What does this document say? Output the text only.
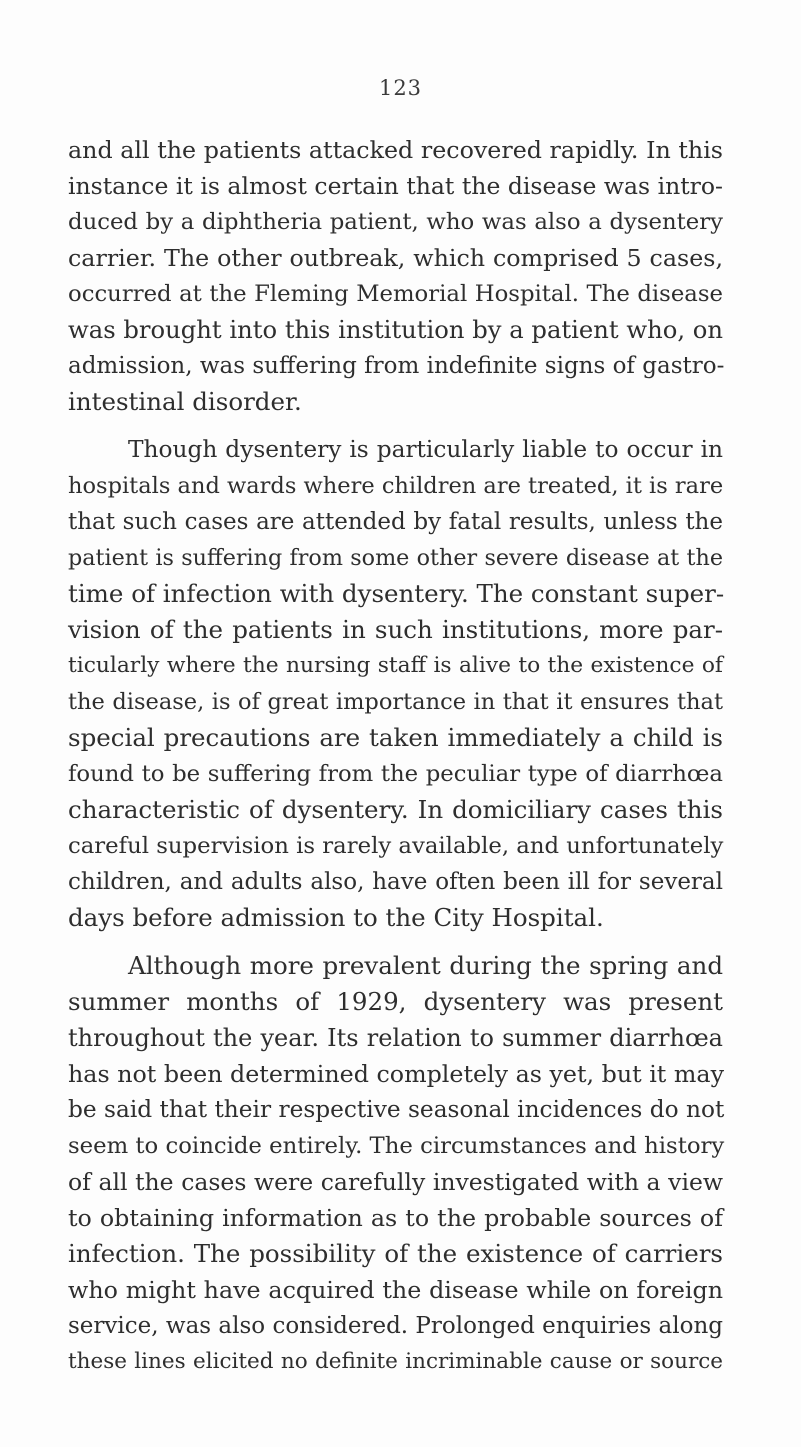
123
and all the patients attacked recovered rapidly. In this
instance it is almost certain that the disease was intro-
duced by a diphtheria patient, who was also a dysentery
carrier. The other outbreak, which comprised 5 cases,
occurred at the Fleming Memorial Hospital. The disease
was brought into this institution by a patient who, on
admission, was suffering from indefinite signs of gastro-
intestinal disorder.
Though dysentery is particularly liable to occur in
hospitals and wards where children are treated, it is rare
that such cases are attended by fatal results, unless the
patient is suffering from some other severe disease at the
time of infection with dysentery. The constant super-
vision of the patients in such institutions, more par-
ticularly where the nursing staff is alive to the existence of
the disease, is of great importance in that it ensures that
special precautions are taken immediately a child is
found to be suffering from the peculiar type of diarrhœa
characteristic of dysentery. In domiciliary cases this
careful supervision is rarely available, and unfortunately
children, and adults also, have often been ill for several
days before admission to the City Hospital.
Although more prevalent during the spring and
summer months of 1929, dysentery was present
throughout the year. Its relation to summer diarrhœa
has not been determined completely as yet, but it may
be said that their respective seasonal incidences do not
seem to coincide entirely. The circumstances and history
of all the cases were carefully investigated with a view
to obtaining information as to the probable sources of
infection. The possibility of the existence of carriers
who might have acquired the disease while on foreign
service, was also considered. Prolonged enquiries along
these lines elicited no definite incriminable cause or source
